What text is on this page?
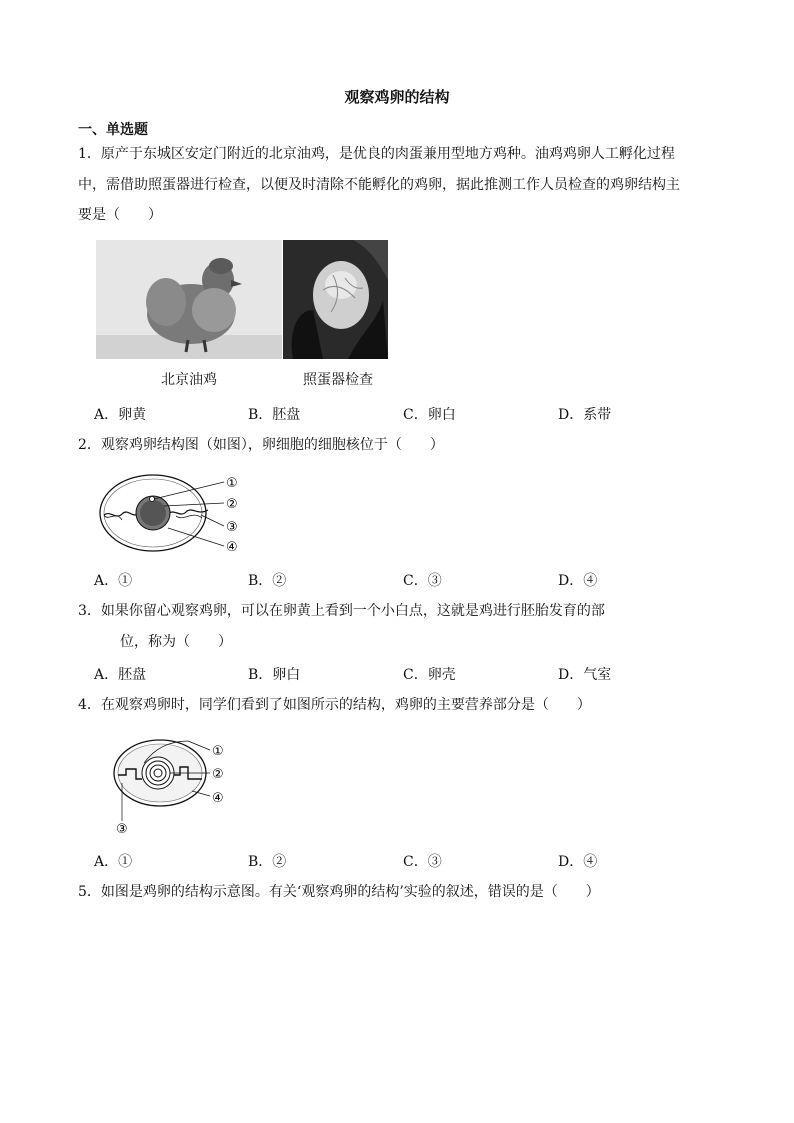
观察鸡卵的结构
一、单选题
1．原产于东城区安定门附近的北京油鸡，是优良的肉蛋兼用型地方鸡种。油鸡鸡卵人工孵化过程
中，需借助照蛋器进行检查，以便及时清除不能孵化的鸡卵，据此推测工作人员检查的鸡卵结构主
要是（　　）
北京油鸡	照蛋器检查
A．卵黄	B．胚盘	C．卵白	D．系带
2．观察鸡卵结构图（如图），卵细胞的细胞核位于（　　）
①
②
③
④
A．①	B．②	C．③	D．④
3．如果你留心观察鸡卵，可以在卵黄上看到一个小白点，这就是鸡进行胚胎发育的部
位，称为（　　）
A．胚盘	B．卵白	C．卵壳	D．气室
4．在观察鸡卵时，同学们看到了如图所示的结构，鸡卵的主要营养部分是（　　）
①
②
④
③
A．①	B．②	C．③	D．④
5．如图是鸡卵的结构示意图。有关‘观察鸡卵的结构’实验的叙述，错误的是（　　）
